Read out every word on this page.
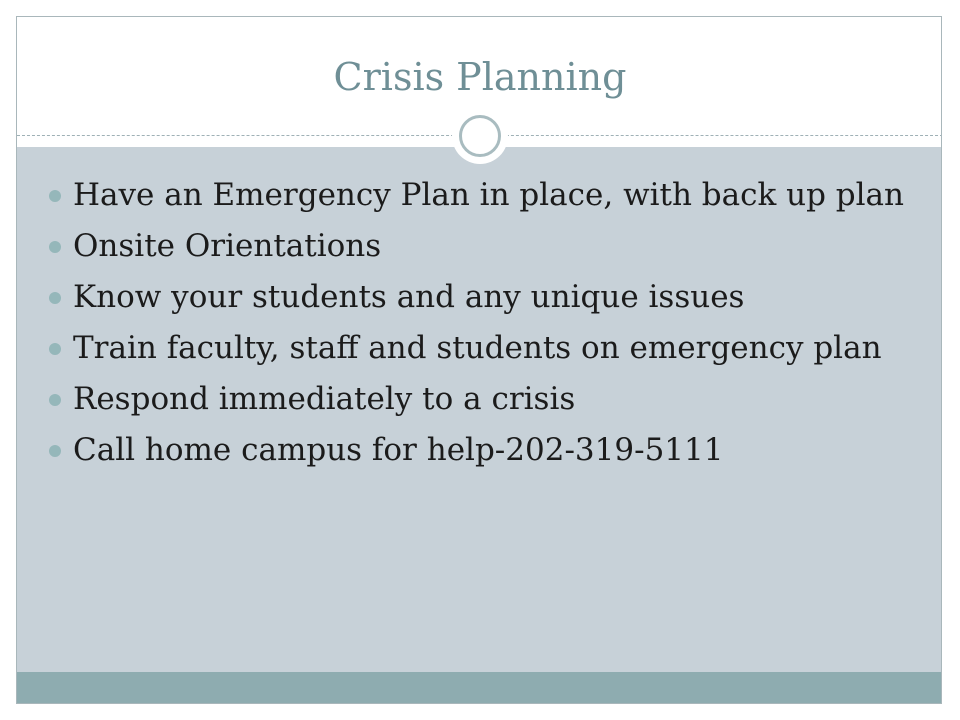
Crisis Planning
Have an Emergency Plan in place, with back up plan
Onsite Orientations
Know your students and any unique issues
Train faculty, staff and students on emergency plan
Respond immediately to a crisis
Call home campus for help-202-319-5111
